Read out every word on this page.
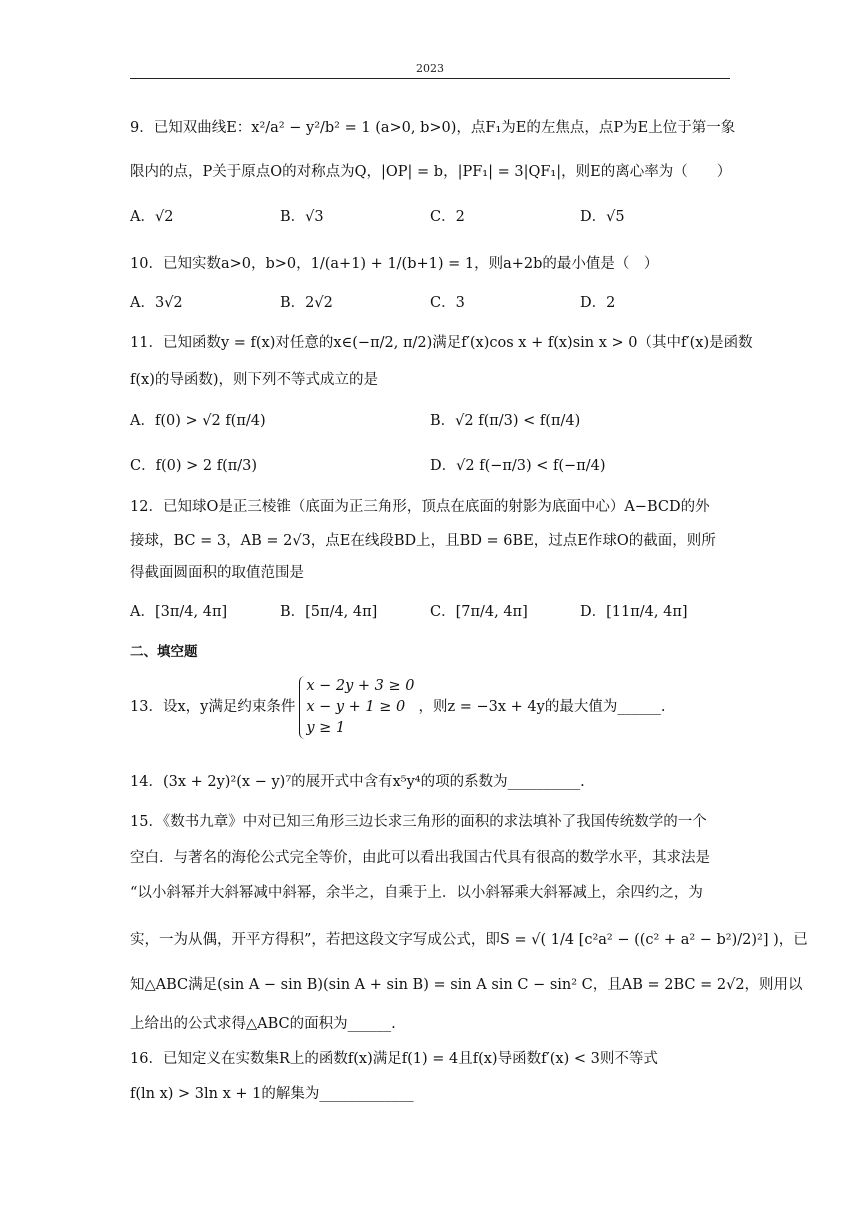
2023
9．已知双曲线E：x²/a² − y²/b² = 1 (a>0, b>0)，点F₁为E的左焦点，点P为E上位于第一象
限内的点，P关于原点O的对称点为Q，|OP| = b，|PF₁| = 3|QF₁|，则E的离心率为（　　）
A．√2	B．√3	C．2	D．√5
10．已知实数a>0，b>0，1/(a+1) + 1/(b+1) = 1，则a+2b的最小值是（　）
A．3√2	B．2√2	C．3	D．2
11．已知函数y = f(x)对任意的x∈(−π/2, π/2)满足f′(x)cos x + f(x)sin x > 0（其中f′(x)是函数
f(x)的导函数)，则下列不等式成立的是
A．f(0) > √2 f(π/4)	B．√2 f(π/3) < f(π/4)
C．f(0) > 2 f(π/3)	D．√2 f(−π/3) < f(−π/4)
12．已知球O是正三棱锥（底面为正三角形，顶点在底面的射影为底面中心）A−BCD的外
接球，BC = 3，AB = 2√3，点E在线段BD上，且BD = 6BE，过点E作球O的截面，则所
得截面圆面积的取值范围是
A．[3π/4, 4π]	B．[5π/4, 4π]	C．[7π/4, 4π]	D．[11π/4, 4π]
二、填空题
13．设x，y满足约束条件
x − 2y + 3 ≥ 0
x − y + 1 ≥ 0
y ≥ 1
，则z = −3x + 4y的最大值为______.
14．(3x + 2y)²(x − y)⁷的展开式中含有x⁵y⁴的项的系数为__________.
15．《数书九章》中对已知三角形三边长求三角形的面积的求法填补了我国传统数学的一个
空白．与著名的海伦公式完全等价，由此可以看出我国古代具有很高的数学水平，其求法是
“以小斜幂并大斜幂减中斜幂，余半之，自乘于上．以小斜幂乘大斜幂减上，余四约之，为
实，一为从偶，开平方得积”，若把这段文字写成公式，即S = √( 1/4 [c²a² − ((c² + a² − b²)/2)²] )，已
知△ABC满足(sin A − sin B)(sin A + sin B) = sin A sin C − sin² C，且AB = 2BC = 2√2，则用以
上给出的公式求得△ABC的面积为______.
16．已知定义在实数集R上的函数f(x)满足f(1) = 4且f(x)导函数f′(x) < 3则不等式
f(ln x) > 3ln x + 1的解集为_____________
